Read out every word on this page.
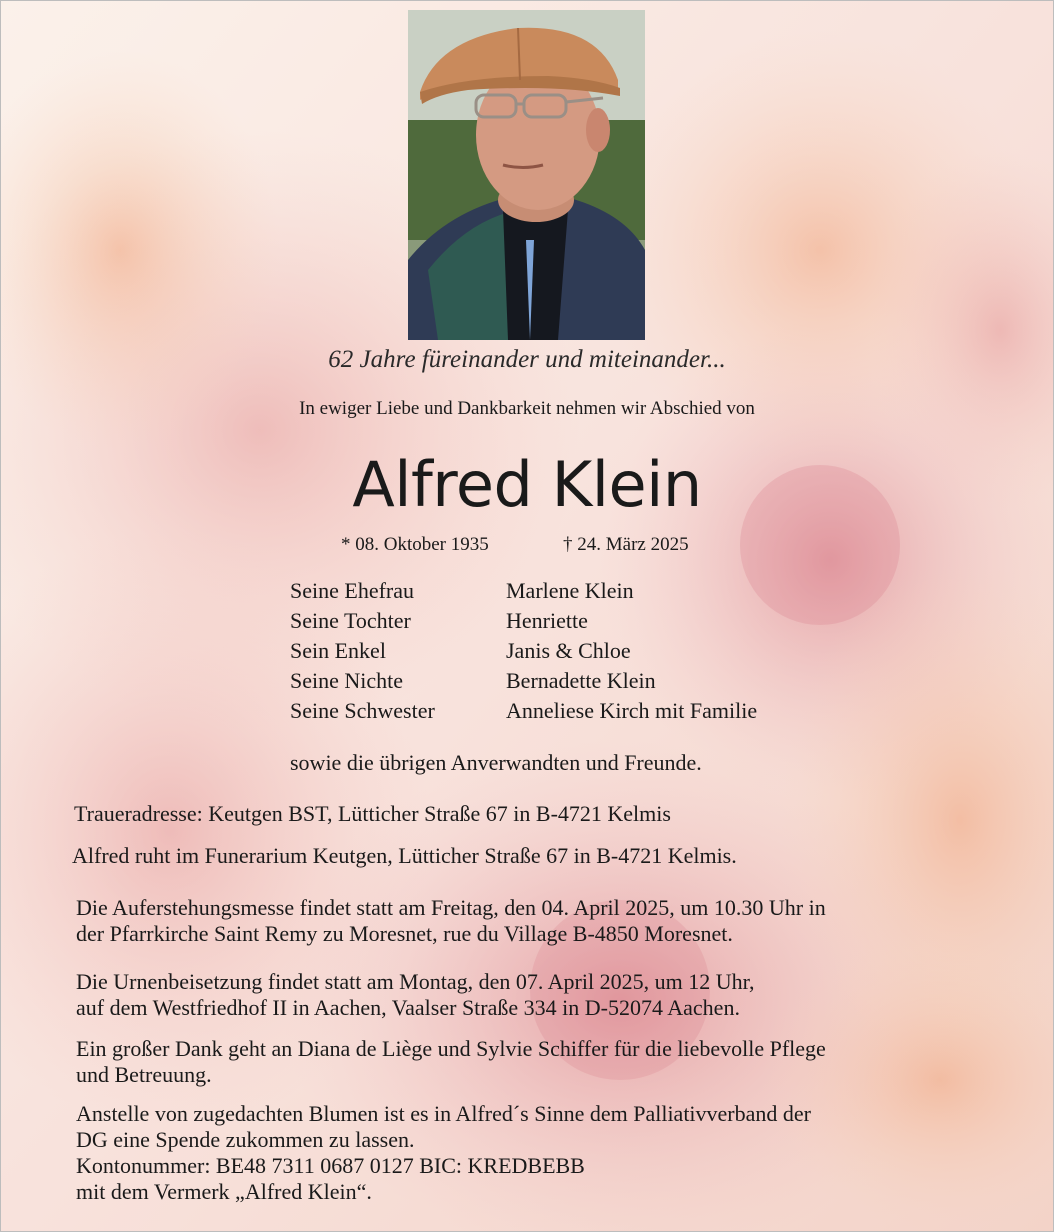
62 Jahre füreinander und miteinander...
In ewiger Liebe und Dankbarkeit nehmen wir Abschied von
Alfred Klein
* 08. Oktober 1935	† 24. März 2025
Seine Ehefrau
Seine Tochter
Sein Enkel
Seine Nichte
Seine Schwester
Marlene Klein
Henriette
Janis & Chloe
Bernadette Klein
Anneliese Kirch mit Familie
sowie die übrigen Anverwandten und Freunde.
Traueradresse: Keutgen BST, Lütticher Straße 67 in B-4721 Kelmis
Alfred ruht im Funerarium Keutgen, Lütticher Straße 67 in B-4721 Kelmis.
Die Auferstehungsmesse findet statt am Freitag, den 04. April 2025, um 10.30 Uhr in
der Pfarrkirche Saint Remy zu Moresnet, rue du Village B-4850 Moresnet.
Die Urnenbeisetzung findet statt am Montag, den 07. April 2025, um 12 Uhr,
auf dem Westfriedhof II in Aachen, Vaalser Straße 334 in D-52074 Aachen.
Ein großer Dank geht an Diana de Liège und Sylvie Schiffer für die liebevolle Pflege
und Betreuung.
Anstelle von zugedachten Blumen ist es in Alfred´s Sinne dem Palliativverband der
DG eine Spende zukommen zu lassen.
Kontonummer: BE48 7311 0687 0127 BIC: KREDBEBB
mit dem Vermerk „Alfred Klein“.
